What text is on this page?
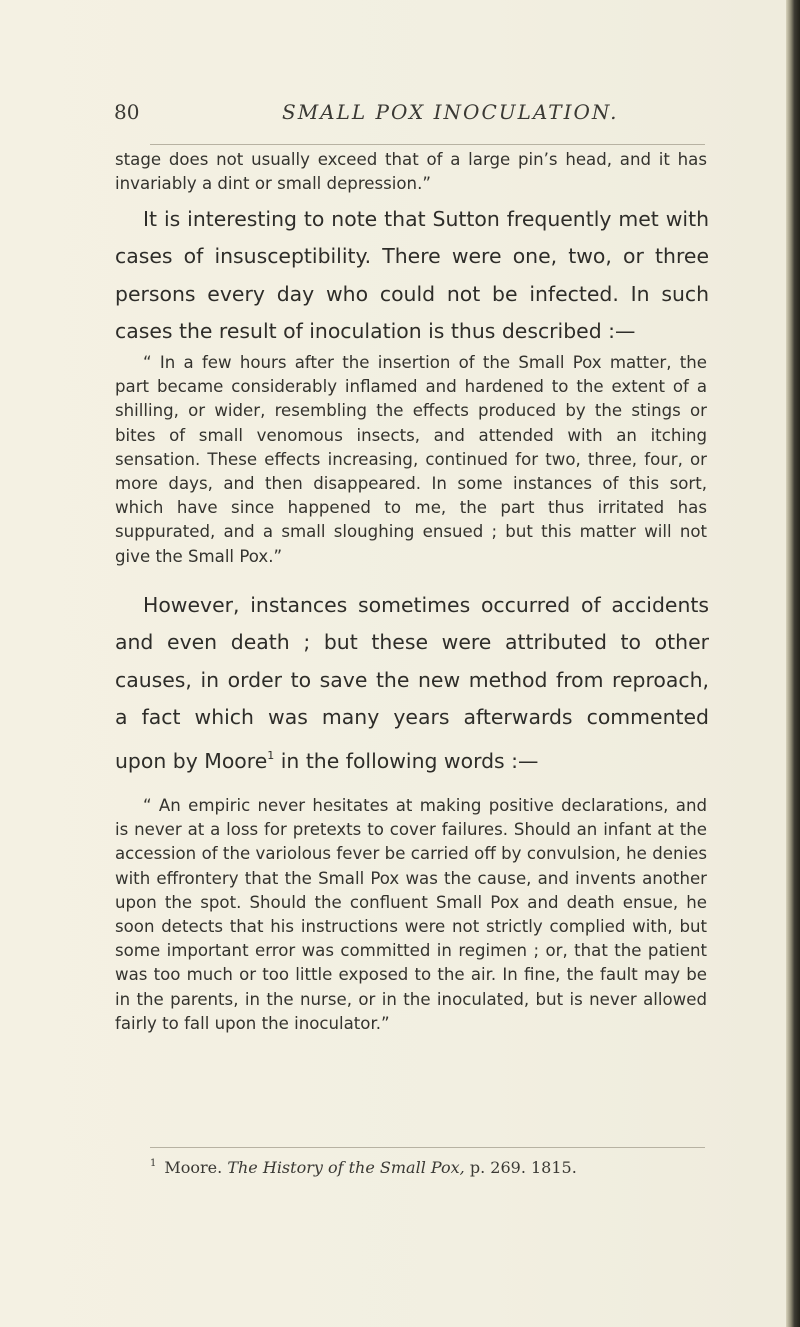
80	SMALL POX INOCULATION.

stage does not usually exceed that of a large pin’s head, and it has invariably a dint or small depression.”

It is interesting to note that Sutton frequently met with cases of insusceptibility. There were one, two, or three persons every day who could not be infected. In such cases the result of inoculation is thus described :—

“ In a few hours after the insertion of the Small Pox matter, the part became considerably inflamed and hardened to the extent of a shilling, or wider, resembling the effects produced by the stings or bites of small venomous insects, and attended with an itching sensation. These effects increasing, continued for two, three, four, or more days, and then disappeared. In some instances of this sort, which have since happened to me, the part thus irritated has suppurated, and a small sloughing ensued ; but this matter will not give the Small Pox.”

However, instances sometimes occurred of accidents and even death ; but these were attributed to other causes, in order to save the new method from reproach, a fact which was many years afterwards commented upon by Moore$^1$ in the following words :—

“ An empiric never hesitates at making positive declarations, and is never at a loss for pretexts to cover failures. Should an infant at the accession of the variolous fever be carried off by convulsion, he denies with effrontery that the Small Pox was the cause, and invents another upon the spot. Should the confluent Small Pox and death ensue, he soon detects that his instructions were not strictly complied with, but some important error was committed in regimen ; or, that the patient was too much or too little exposed to the air. In fine, the fault may be in the parents, in the nurse, or in the inoculated, but is never allowed fairly to fall upon the inoculator.”

$^1$ Moore. The History of the Small Pox, p. 269. 1815.
